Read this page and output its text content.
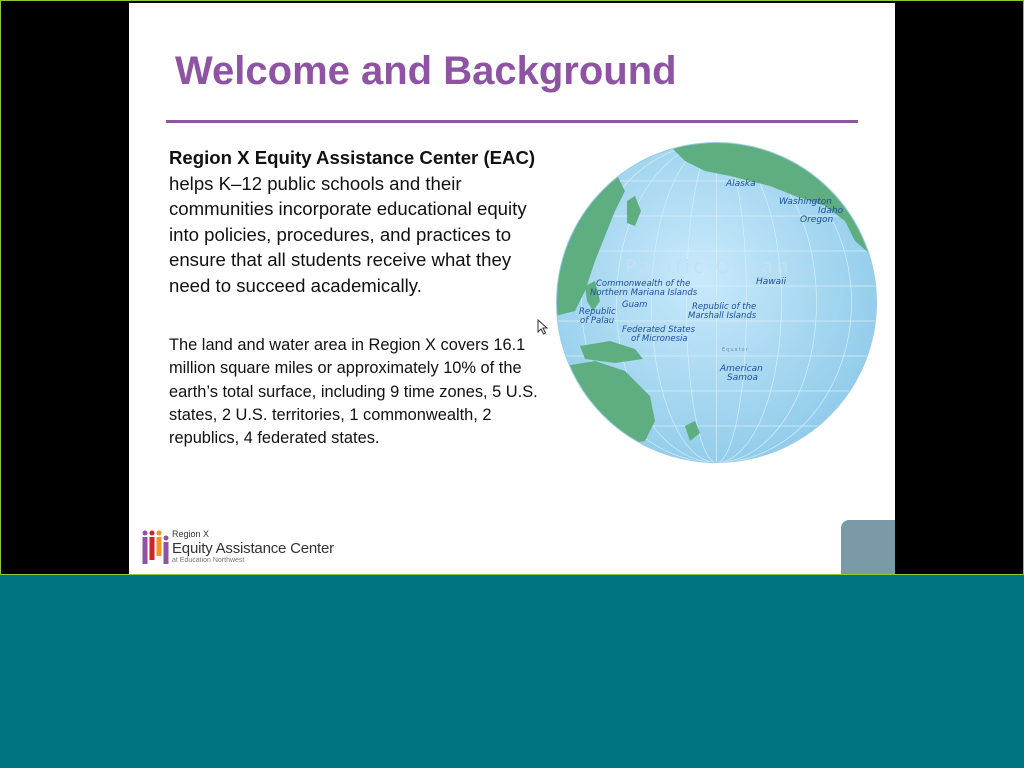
Welcome and Background

Region X Equity Assistance Center (EAC) helps K–12 public schools and their communities incorporate educational equity into policies, procedures, and practices to ensure that all students receive what they need to succeed academically.

The land and water area in Region X covers 16.1 million square miles or approximately 10% of the earth’s total surface, including 9 time zones, 5 U.S. states, 2 U.S. territories, 1 commonwealth, 2 republics, 4 federated states.

Pacific Ocean
Equator
Alaska
Washington
Idaho
Oregon
Hawaii
Commonwealth of the
Northern Mariana Islands
Guam
Republic
of Palau
Republic of the
Marshall Islands
Federated States
of Micronesia
American
Samoa
Region X
Equity Assistance Center
at Education Northwest
